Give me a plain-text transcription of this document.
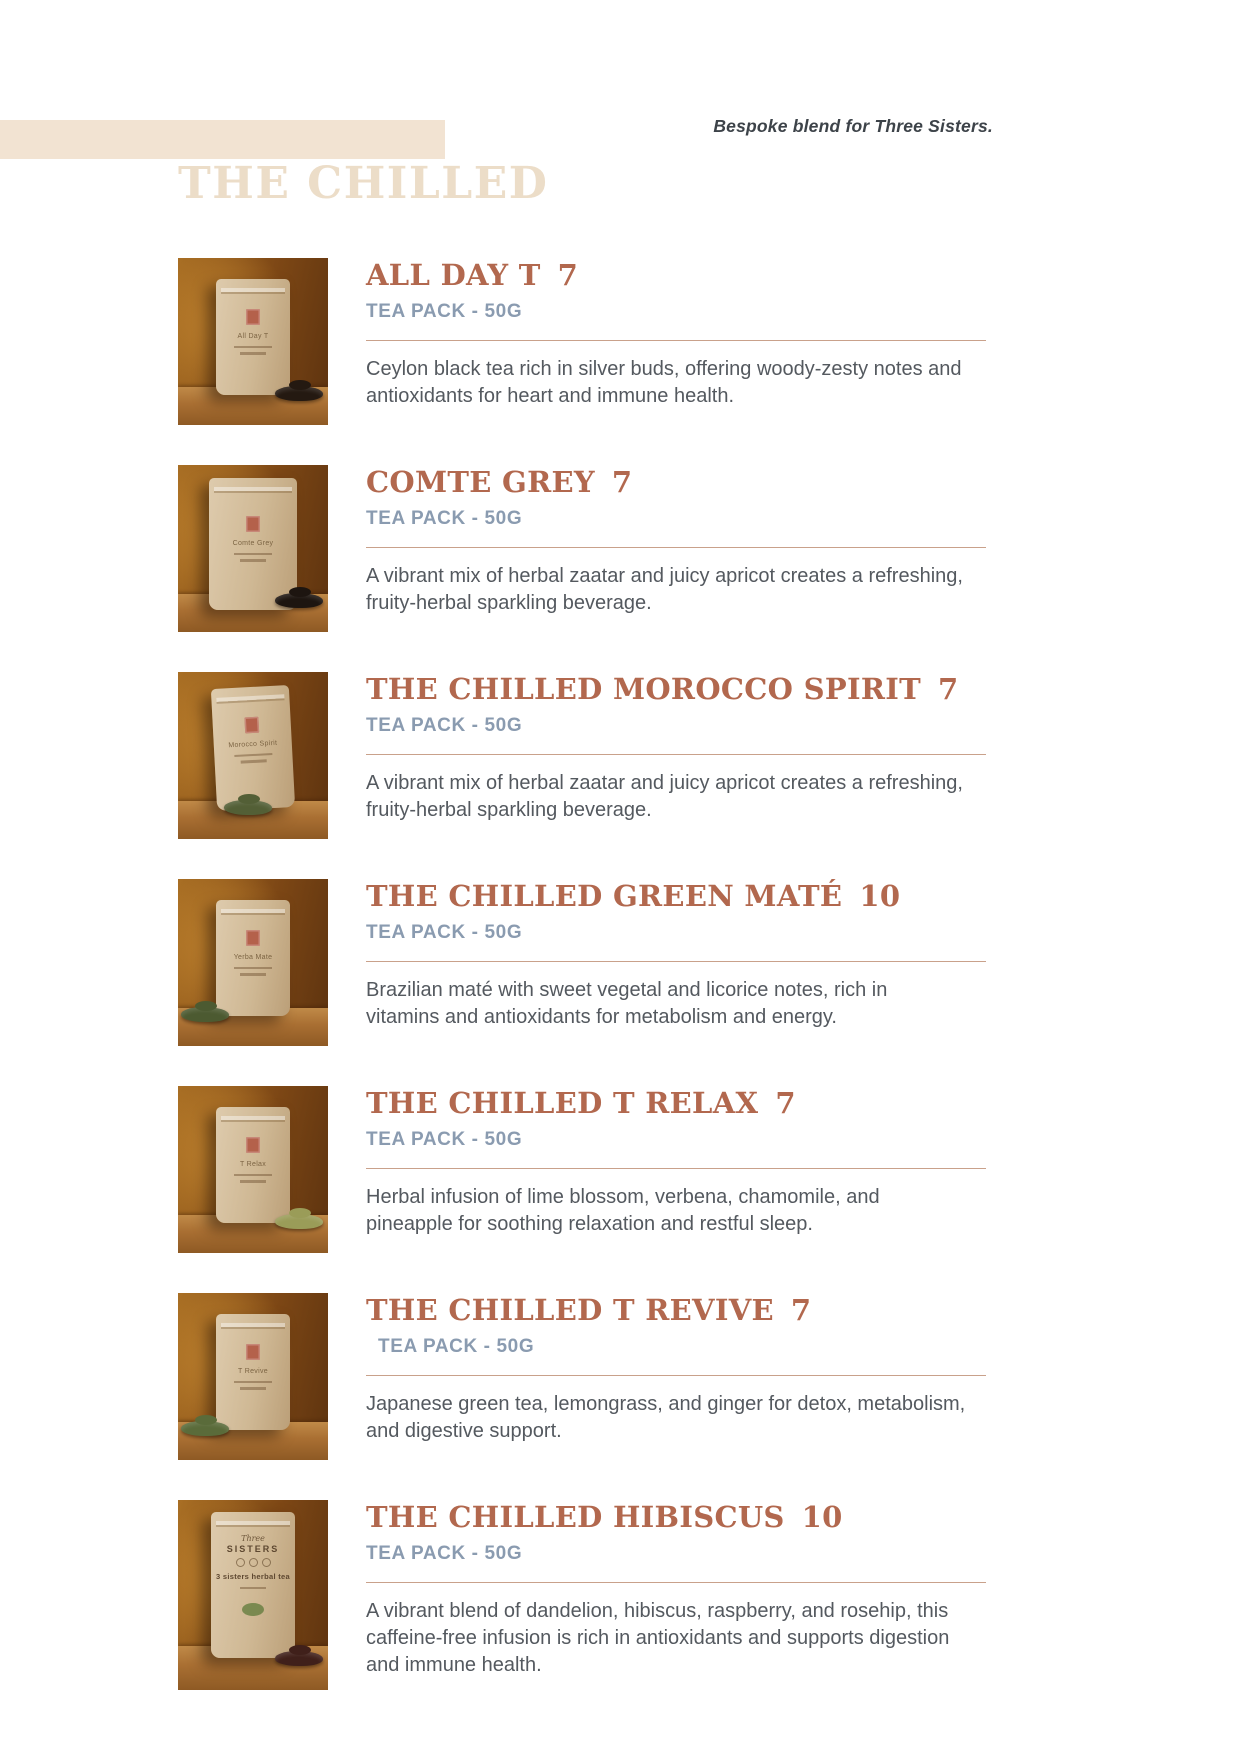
Bespoke blend for Three Sisters.
THE CHILLED
All Day T
ALL DAY T 7
TEA PACK - 50G
Ceylon black tea rich in silver buds, offering woody-zesty notes and antioxidants for heart and immune health.
Comte Grey
COMTE GREY 7
TEA PACK - 50G
A vibrant mix of herbal zaatar and juicy apricot creates a refreshing, fruity-herbal sparkling beverage.
Morocco Spirit
THE CHILLED MOROCCO SPIRIT 7
TEA PACK - 50G
A vibrant mix of herbal zaatar and juicy apricot creates a refreshing, fruity-herbal sparkling beverage.
Yerba Mate
THE CHILLED GREEN MATÉ 10
TEA PACK - 50G
Brazilian maté with sweet vegetal and licorice notes, rich in vitamins and antioxidants for metabolism and energy.
T Relax
THE CHILLED T RELAX 7
TEA PACK - 50G
Herbal infusion of lime blossom, verbena, chamomile, and pineapple for soothing relaxation and restful sleep.
T Revive
THE CHILLED T REVIVE 7
TEA PACK - 50G
Japanese green tea, lemongrass, and ginger for detox, metabolism, and digestive support.
Three
SISTERS
3 sisters herbal tea
THE CHILLED HIBISCUS 10
TEA PACK - 50G
A vibrant blend of dandelion, hibiscus, raspberry, and rosehip, this caffeine-free infusion is rich in antioxidants and supports digestion and immune health.
